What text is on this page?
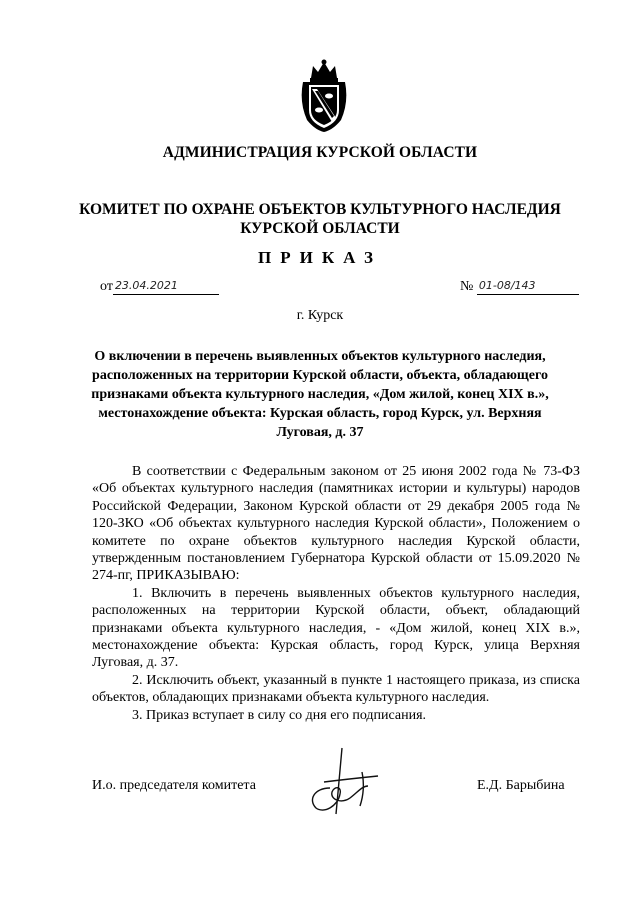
АДМИНИСТРАЦИЯ КУРСКОЙ ОБЛАСТИ
КОМИТЕТ ПО ОХРАНЕ ОБЪЕКТОВ КУЛЬТУРНОГО НАСЛЕДИЯ КУРСКОЙ ОБЛАСТИ
ПРИКАЗ
от 23.04.2021	№ 01-08/143
г. Курск
О включении в перечень выявленных объектов культурного наследия, расположенных на территории Курской области, объекта, обладающего признаками объекта культурного наследия, «Дом жилой, конец XIX в.», местонахождение объекта: Курская область, город Курск, ул. Верхняя Луговая, д. 37

В соответствии с Федеральным законом от 25 июня 2002 года № 73-ФЗ «Об объектах культурного наследия (памятниках истории и культуры) народов Российской Федерации, Законом Курской области от 29 декабря 2005 года № 120-ЗКО «Об объектах культурного наследия Курской области», Положением о комитете по охране объектов культурного наследия Курской области, утвержденным постановлением Губернатора Курской области от 15.09.2020 № 274-пг, ПРИКАЗЫВАЮ:

1. Включить в перечень выявленных объектов культурного наследия, расположенных на территории Курской области, объект, обладающий признаками объекта культурного наследия, - «Дом жилой, конец XIX в.», местонахождение объекта: Курская область, город Курск, улица Верхняя Луговая, д. 37.

2. Исключить объект, указанный в пункте 1 настоящего приказа, из списка объектов, обладающих признаками объекта культурного наследия.

3. Приказ вступает в силу со дня его подписания.

И.о. председателя комитета	Е.Д. Барыбина
